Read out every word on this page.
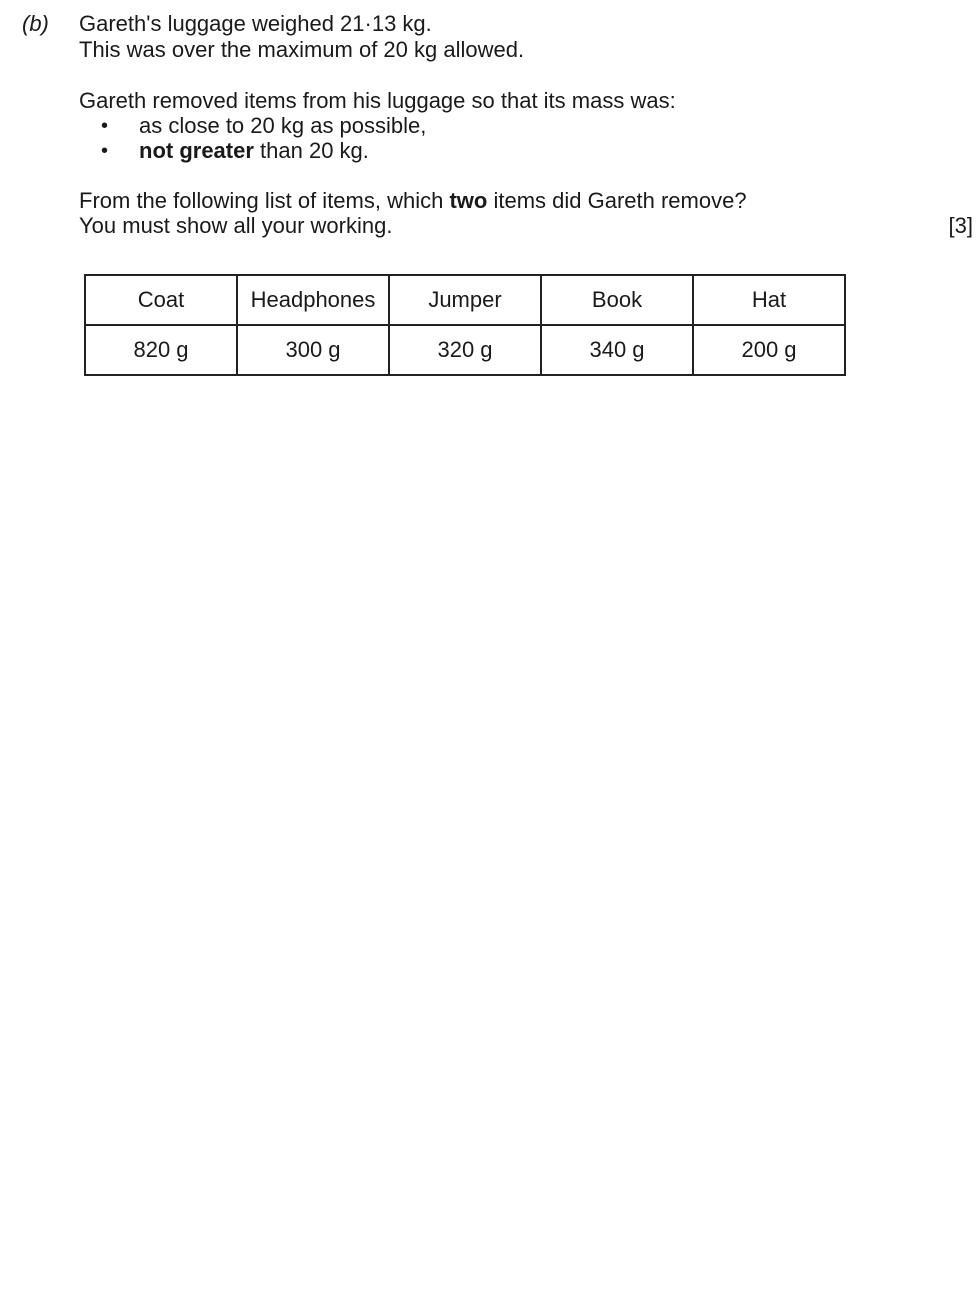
(b) Gareth's luggage weighed 21·13 kg.
This was over the maximum of 20 kg allowed.
Gareth removed items from his luggage so that its mass was:
• as close to 20 kg as possible,
• not greater than 20 kg.
From the following list of items, which two items did Gareth remove?
You must show all your working.	[3]
Coat	Headphones	Jumper	Book	Hat
820 g	300 g	320 g	340 g	200 g
